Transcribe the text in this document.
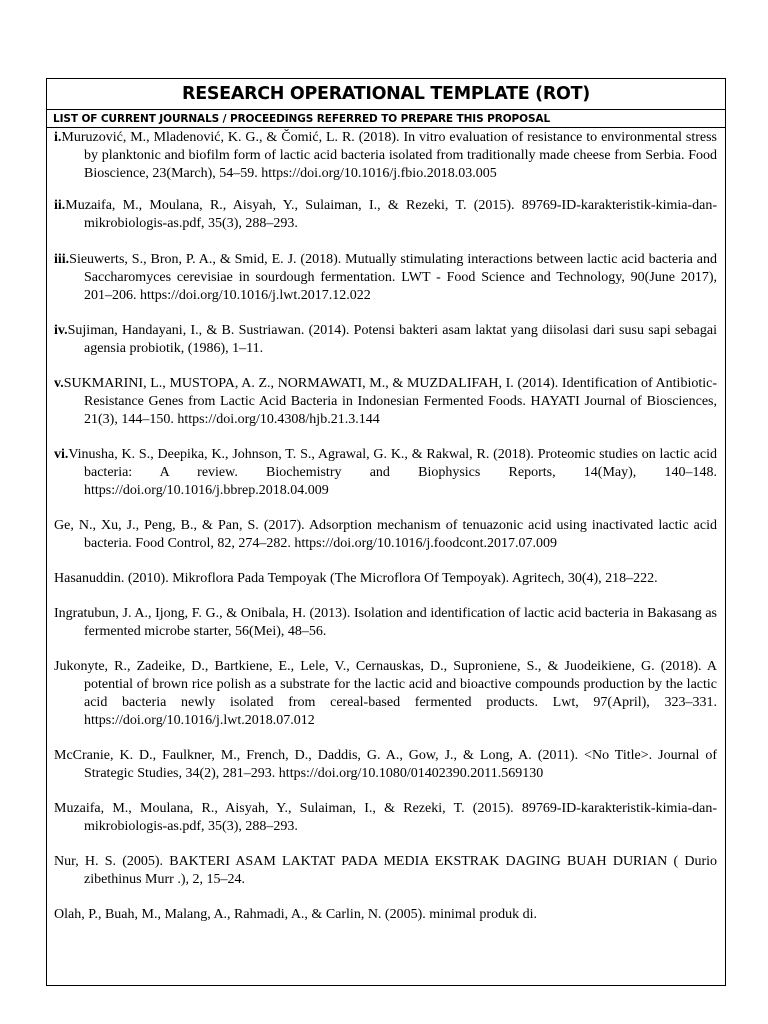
RESEARCH OPERATIONAL TEMPLATE (ROT)
LIST OF CURRENT JOURNALS / PROCEEDINGS REFERRED TO PREPARE THIS PROPOSAL

i.Muruzović, M., Mladenović, K. G., & Čomić, L. R. (2018). In vitro evaluation of resistance to environmental stress by planktonic and biofilm form of lactic acid bacteria isolated from traditionally made cheese from Serbia. Food Bioscience, 23(March), 54–59. https://doi.org/10.1016/j.fbio.2018.03.005

ii.Muzaifa, M., Moulana, R., Aisyah, Y., Sulaiman, I., & Rezeki, T. (2015). 89769-ID-karakteristik-kimia-dan-mikrobiologis-as.pdf, 35(3), 288–293.

iii.Sieuwerts, S., Bron, P. A., & Smid, E. J. (2018). Mutually stimulating interactions between lactic acid bacteria and Saccharomyces cerevisiae in sourdough fermentation. LWT - Food Science and Technology, 90(June 2017), 201–206. https://doi.org/10.1016/j.lwt.2017.12.022

iv.Sujiman, Handayani, I., & B. Sustriawan. (2014). Potensi bakteri asam laktat yang diisolasi dari susu sapi sebagai agensia probiotik, (1986), 1–11.

v.SUKMARINI, L., MUSTOPA, A. Z., NORMAWATI, M., & MUZDALIFAH, I. (2014). Identification of Antibiotic-Resistance Genes from Lactic Acid Bacteria in Indonesian Fermented Foods. HAYATI Journal of Biosciences, 21(3), 144–150. https://doi.org/10.4308/hjb.21.3.144

vi.Vinusha, K. S., Deepika, K., Johnson, T. S., Agrawal, G. K., & Rakwal, R. (2018). Proteomic studies on lactic acid bacteria: A review. Biochemistry and Biophysics Reports, 14(May), 140–148. https://doi.org/10.1016/j.bbrep.2018.04.009

Ge, N., Xu, J., Peng, B., & Pan, S. (2017). Adsorption mechanism of tenuazonic acid using inactivated lactic acid bacteria. Food Control, 82, 274–282. https://doi.org/10.1016/j.foodcont.2017.07.009

Hasanuddin. (2010). Mikroflora Pada Tempoyak (The Microflora Of Tempoyak). Agritech, 30(4), 218–222.

Ingratubun, J. A., Ijong, F. G., & Onibala, H. (2013). Isolation and identification of lactic acid bacteria in Bakasang as fermented microbe starter, 56(Mei), 48–56.

Jukonyte, R., Zadeike, D., Bartkiene, E., Lele, V., Cernauskas, D., Suproniene, S., & Juodeikiene, G. (2018). A potential of brown rice polish as a substrate for the lactic acid and bioactive compounds production by the lactic acid bacteria newly isolated from cereal-based fermented products. Lwt, 97(April), 323–331. https://doi.org/10.1016/j.lwt.2018.07.012

McCranie, K. D., Faulkner, M., French, D., Daddis, G. A., Gow, J., & Long, A. (2011). <No Title>. Journal of Strategic Studies, 34(2), 281–293. https://doi.org/10.1080/01402390.2011.569130

Muzaifa, M., Moulana, R., Aisyah, Y., Sulaiman, I., & Rezeki, T. (2015). 89769-ID-karakteristik-kimia-dan-mikrobiologis-as.pdf, 35(3), 288–293.

Nur, H. S. (2005). BAKTERI ASAM LAKTAT PADA MEDIA EKSTRAK DAGING BUAH DURIAN ( Durio zibethinus Murr .), 2, 15–24.

Olah, P., Buah, M., Malang, A., Rahmadi, A., & Carlin, N. (2005). minimal produk di.
